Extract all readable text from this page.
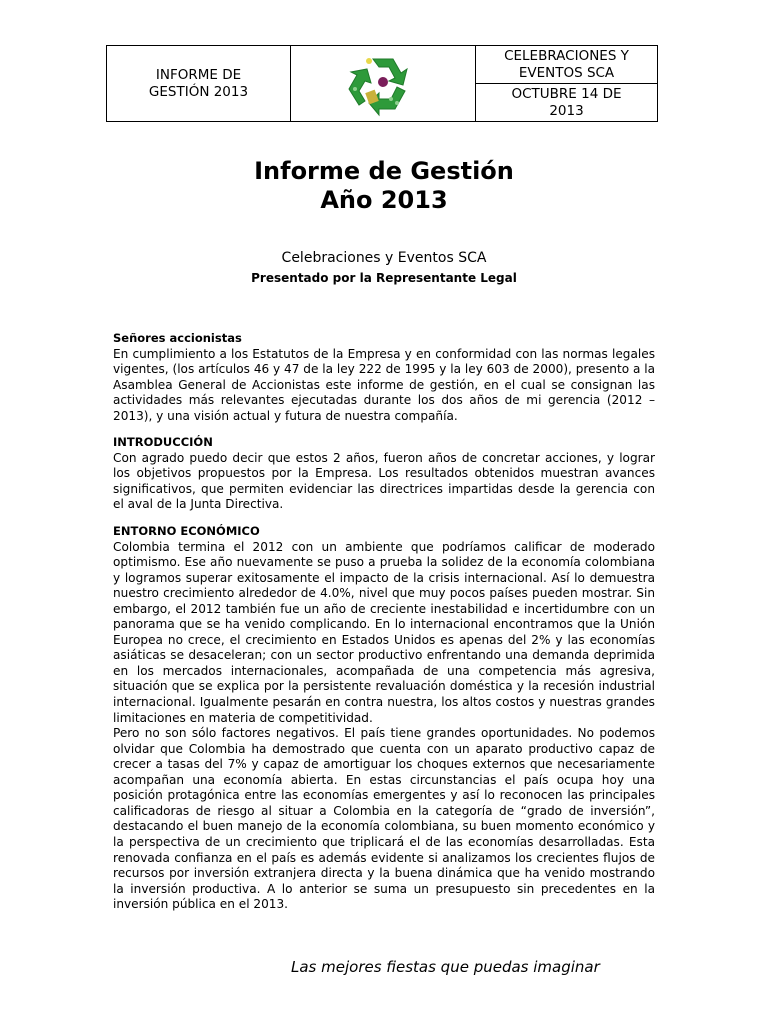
INFORME DE
GESTIÓN 2013

CELEBRACIONES Y
EVENTOS SCA

OCTUBRE 14 DE
2013
Informe de Gestión
Año 2013
Celebraciones y Eventos SCA
Presentado por la Representante Legal

Señores accionistas

En cumplimiento a los Estatutos de la Empresa y en conformidad con las normas legales vigentes, (los artículos 46 y 47 de la ley 222 de 1995 y la ley 603 de 2000), presento a la Asamblea General de Accionistas este informe de gestión, en el cual se consignan las actividades más relevantes ejecutadas durante los dos años de mi gerencia (2012 – 2013), y una visión actual y futura de nuestra compañía.

INTRODUCCIÓN

Con agrado puedo decir que estos 2 años, fueron años de concretar acciones, y lograr los objetivos propuestos por la Empresa. Los resultados obtenidos muestran avances significativos, que permiten evidenciar las directrices impartidas desde la gerencia con el aval de la Junta Directiva.

ENTORNO ECONÓMICO

Colombia termina el 2012 con un ambiente que podríamos calificar de moderado optimismo. Ese año nuevamente se puso a prueba la solidez de la economía colombiana y logramos superar exitosamente el impacto de la crisis internacional. Así lo demuestra nuestro crecimiento alrededor de 4.0%, nivel que muy pocos países pueden mostrar. Sin embargo, el 2012 también fue un año de creciente inestabilidad e incertidumbre con un panorama que se ha venido complicando. En lo internacional encontramos que la Unión Europea no crece, el crecimiento en Estados Unidos es apenas del 2% y las economías asiáticas se desaceleran; con un sector productivo enfrentando una demanda deprimida en los mercados internacionales, acompañada de una competencia más agresiva, situación que se explica por la persistente revaluación doméstica y la recesión industrial internacional. Igualmente pesarán en contra nuestra, los altos costos y nuestras grandes limitaciones en materia de competitividad.

Pero no son sólo factores negativos. El país tiene grandes oportunidades. No podemos olvidar que Colombia ha demostrado que cuenta con un aparato productivo capaz de crecer a tasas del 7% y capaz de amortiguar los choques externos que necesariamente acompañan una economía abierta. En estas circunstancias el país ocupa hoy una posición protagónica entre las economías emergentes y así lo reconocen las principales calificadoras de riesgo al situar a Colombia en la categoría de “grado de inversión”, destacando el buen manejo de la economía colombiana, su buen momento económico y la perspectiva de un crecimiento que triplicará el de las economías desarrolladas. Esta renovada confianza en el país es además evidente si analizamos los crecientes flujos de recursos por inversión extranjera directa y la buena dinámica que ha venido mostrando la inversión productiva. A lo anterior se suma un presupuesto sin precedentes en la inversión pública en el 2013.

Las mejores fiestas que puedas imaginar
